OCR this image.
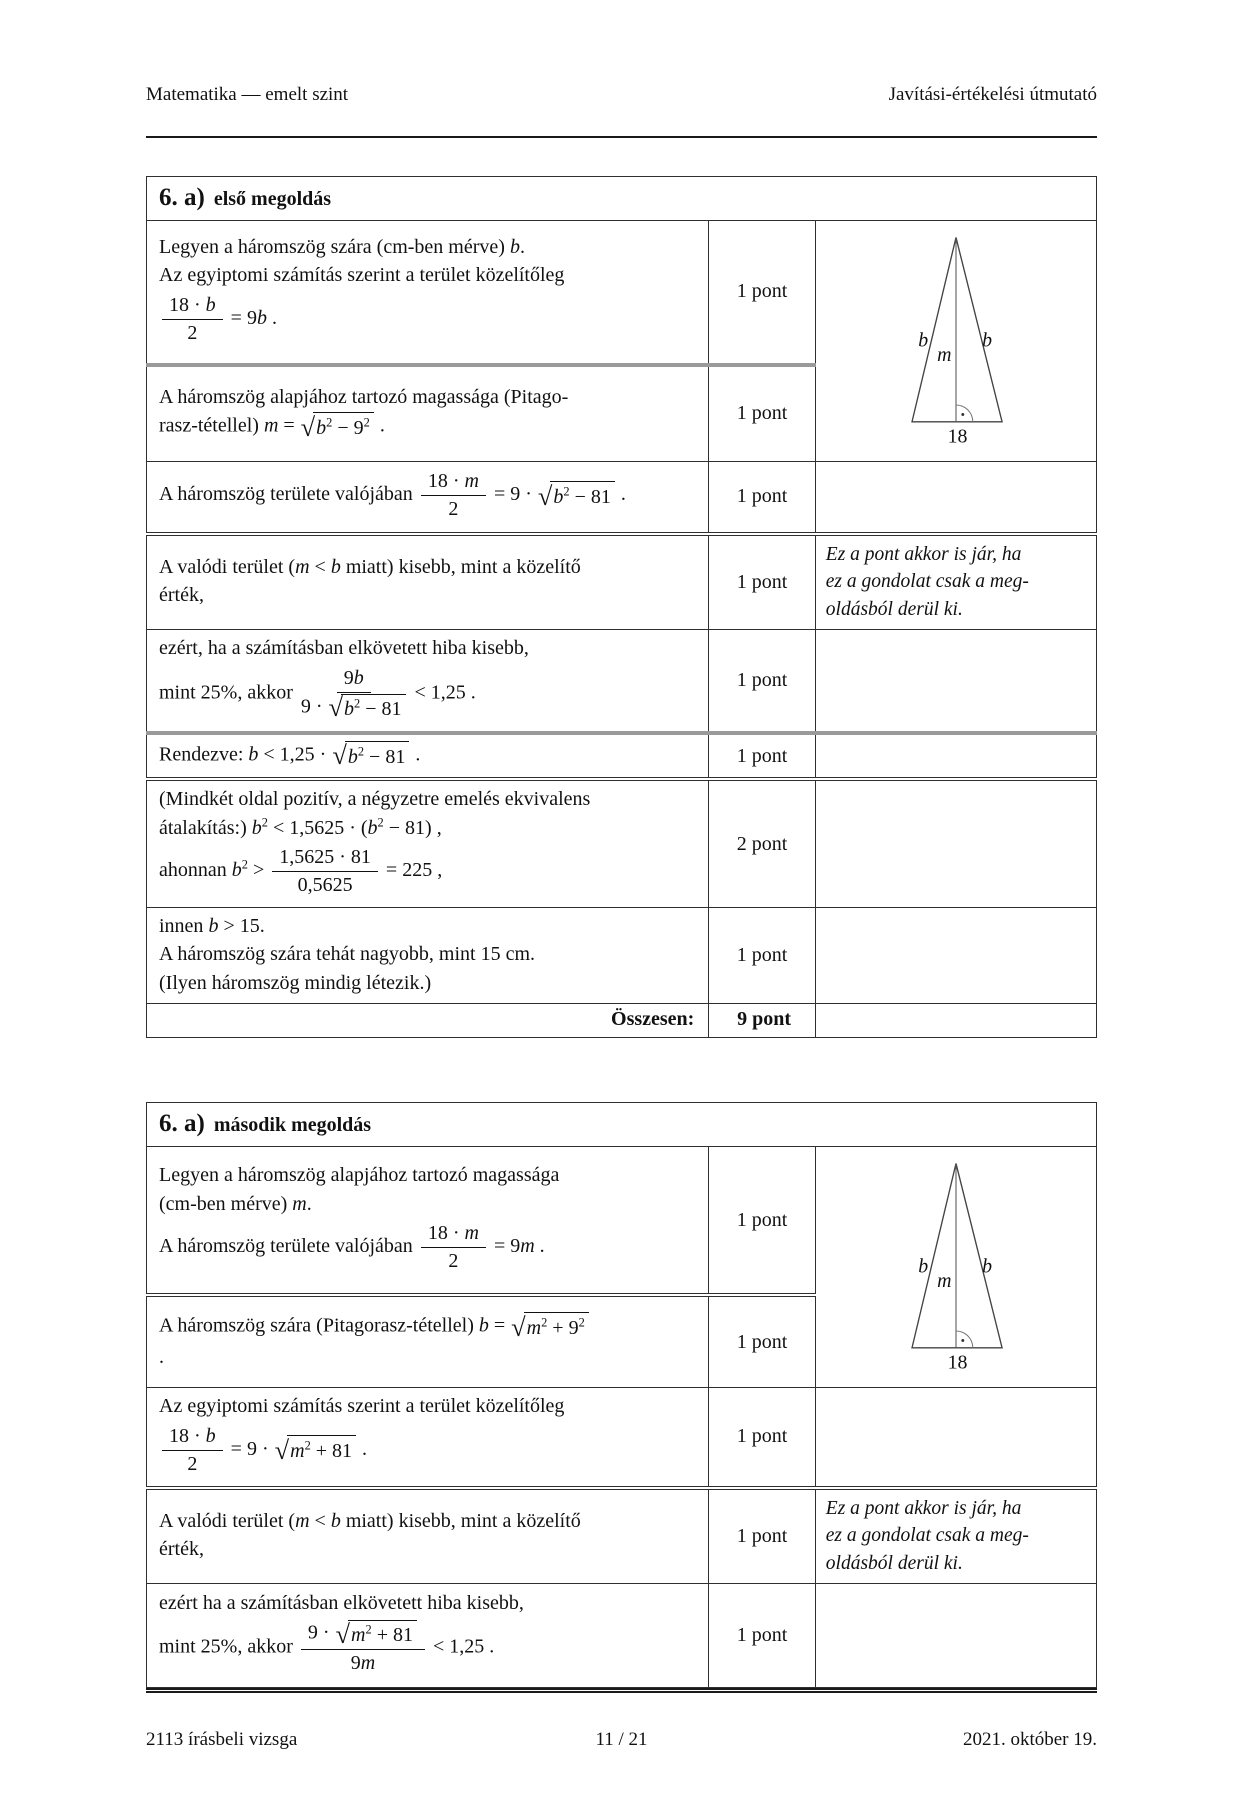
Matematika — emelt szint	Javítási-értékelési útmutató
6. a) első megoldás		

Legyen a háromszög szára (cm-ben mérve) b.
Az egyiptomi számítás szerint a terület közelítőleg
$\frac{18 \cdot b}{2} = 9b$ .
	1 pont	
b	b
m
18

A háromszög alapjához tartozó magassága (Pitago-
rasz-tétellel) m = √ $b^2 - 9^2$ .	1 pont	

A háromszög területe valójában $\frac{18 \cdot m}{2} = 9$ · √ $b^2 - 81$ .	1 pont	

A valódi terület (m < b miatt) kisebb, mint a közelítő
érték,
	1 pont	
Ez a pont akkor is jár, ha
ez a gondolat csak a meg-
oldásból derül ki.

ezért, ha a számításban elkövetett hiba kisebb,
mint 25%, akkor $\frac{9b}{9 \cdot √ b^2 - 81} < 1,25$ .
	1 pont	

Rendezve: b < 1,25 · √ $b^2 - 81$ .	1 pont	

(Mindkét oldal pozitív, a négyzetre emelés ekvivalens
átalakítás:) $b^2 < 1,5625 \cdot (b^2 - 81)$ ,
ahonnan $b^2 > \frac{1,5625 \cdot 81}{0,5625} = 225$ ,
	2 pont	

innen b > 15.
A háromszög szára tehát nagyobb, mint 15 cm.
(Ilyen háromszög mindig létezik.)	1 pont	
Összesen:	9 pont	
6. a) második megoldás		

Legyen a háromszög alapjához tartozó magassága
(cm-ben mérve) m.
A háromszög területe valójában $\frac{18 \cdot m}{2} = 9m$ .
	1 pont	
b	b
m
18

A háromszög szára (Pitagorasz-tétellel) b = √ $m^2 + 9^2$
.	1 pont	

Az egyiptomi számítás szerint a terület közelítőleg
$\frac{18 \cdot b}{2} = 9$ · √ $m^2 + 81$ .
	1 pont	

A valódi terület (m < b miatt) kisebb, mint a közelítő
érték,
	1 pont	
Ez a pont akkor is jár, ha
ez a gondolat csak a meg-
oldásból derül ki.

ezért ha a számításban elkövetett hiba kisebb,
mint 25%, akkor $\frac{9 \cdot √ m^2 + 81}{9m} < 1,25$ .
	1 pont	
2113 írásbeli vizsga	11 / 21	2021. október 19.
